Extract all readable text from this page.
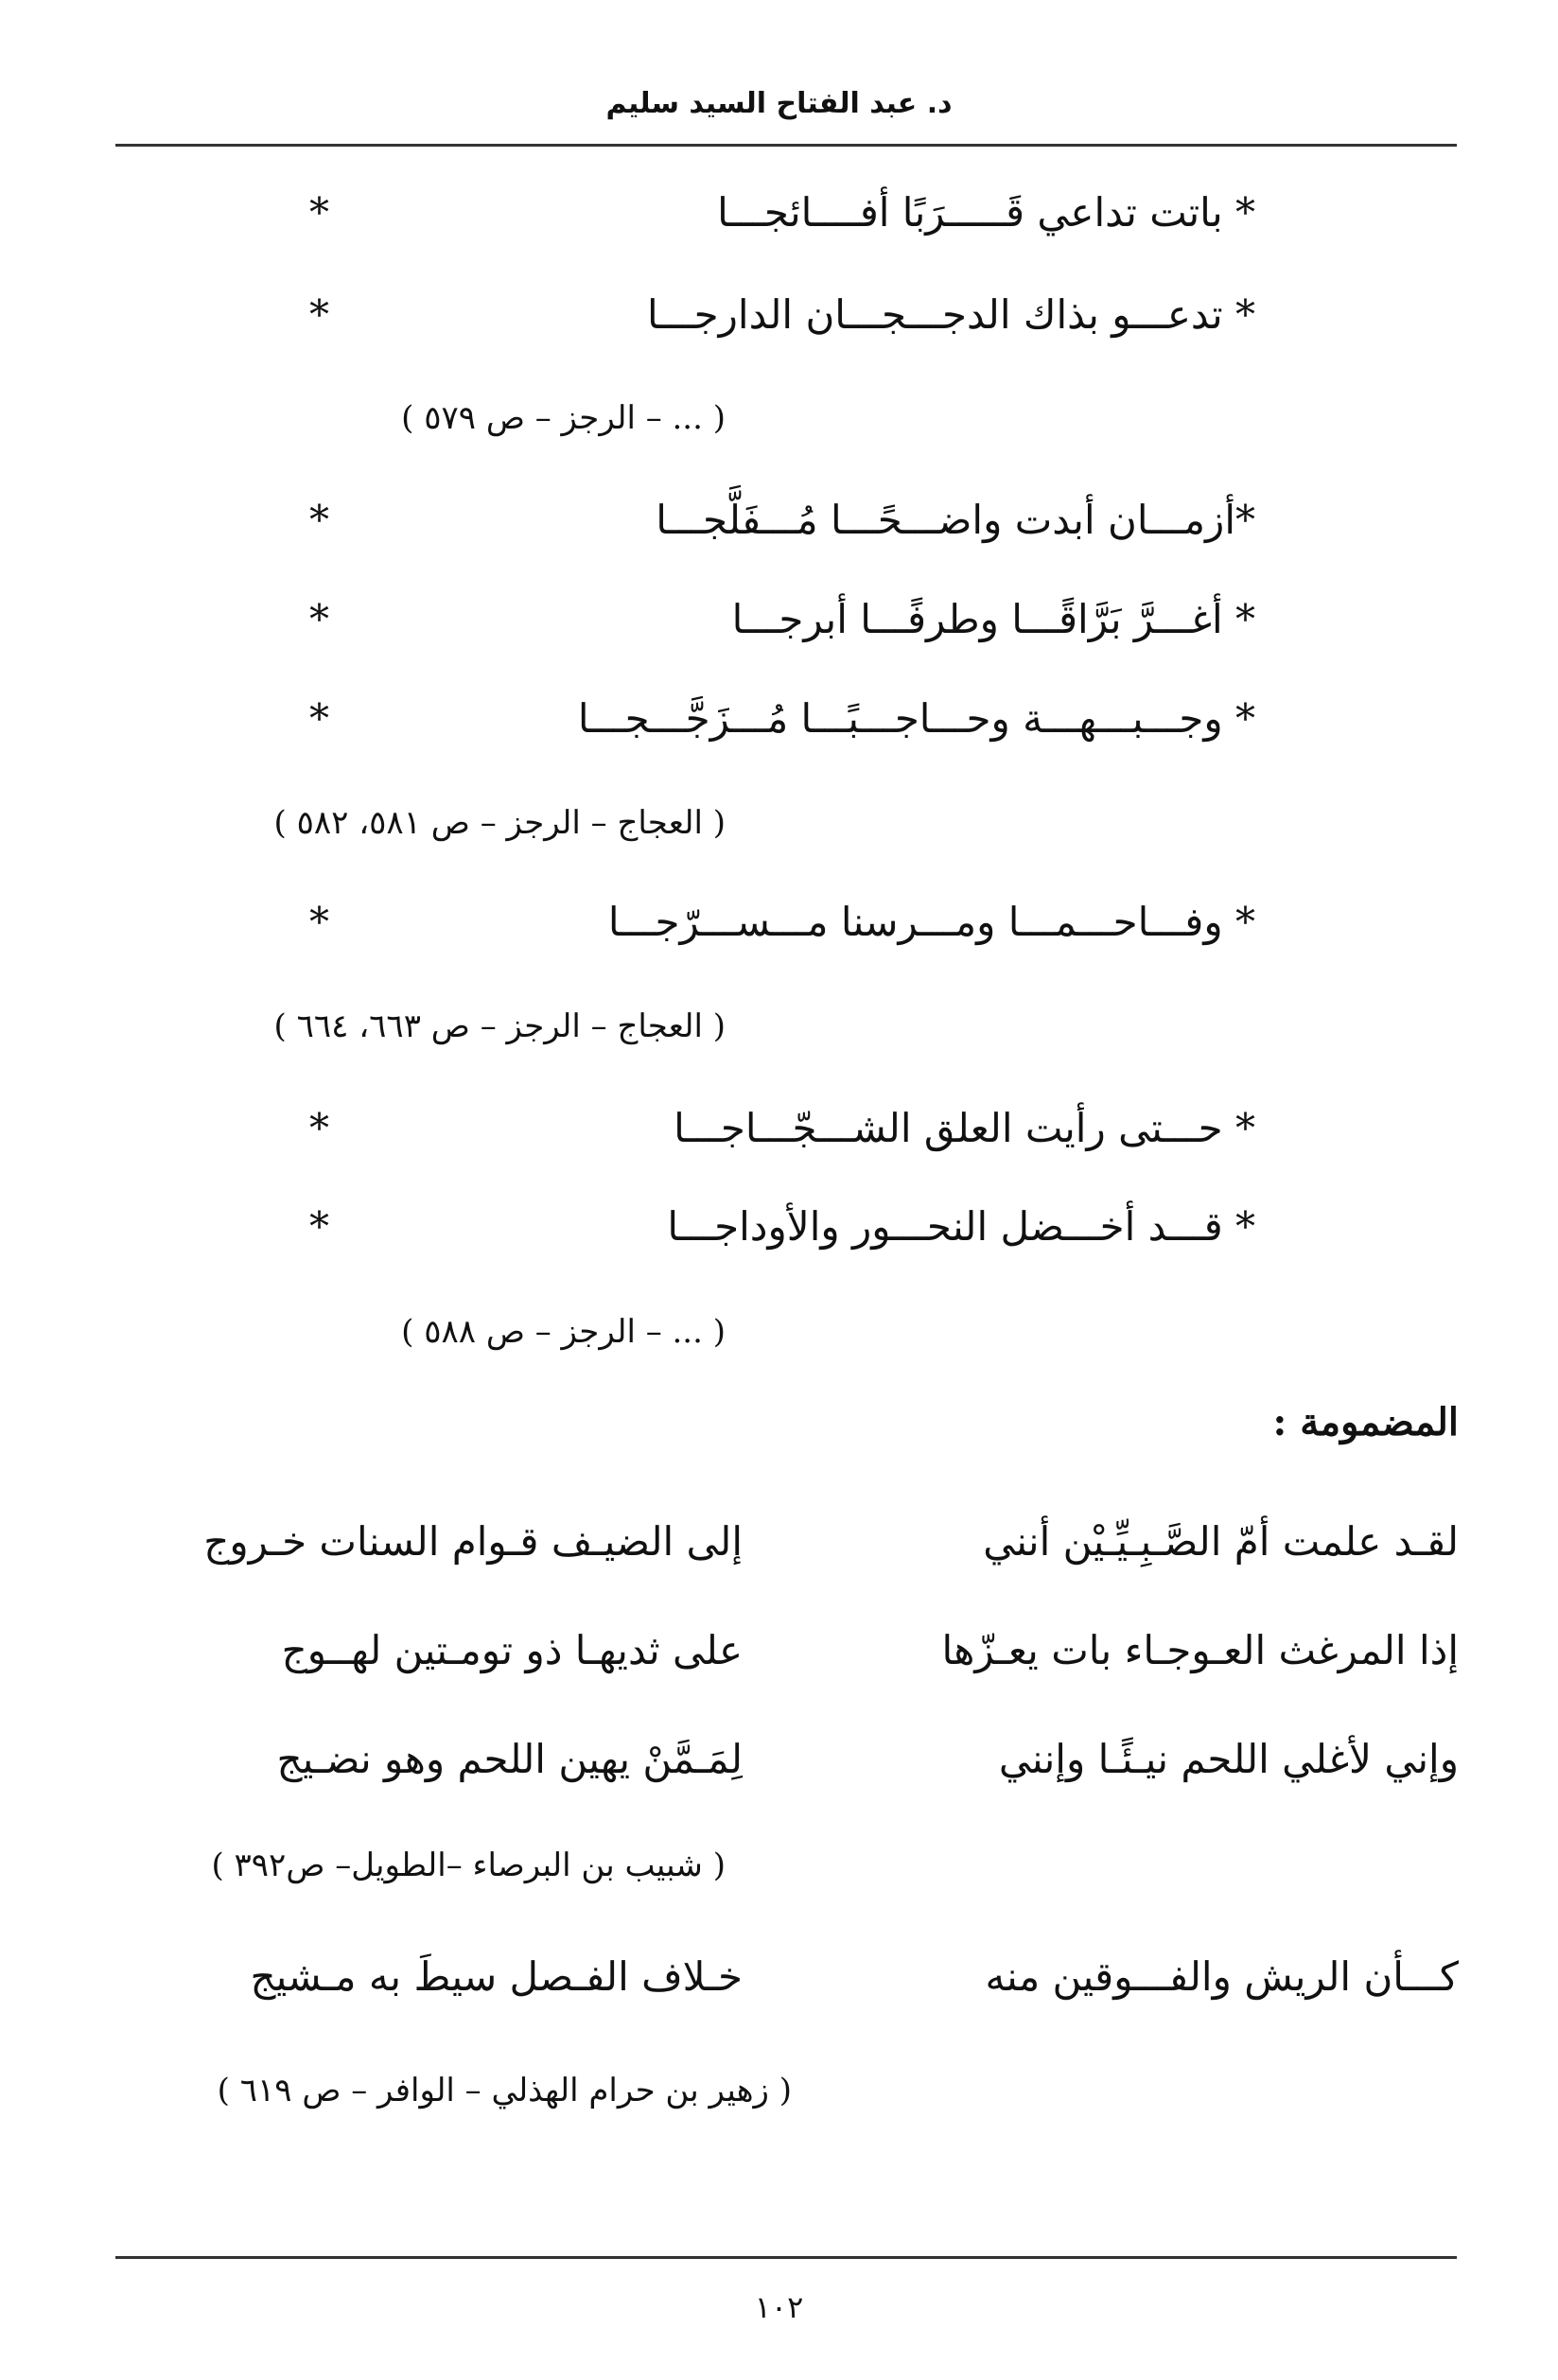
د. عبد الفتاح السيد سليم
* باتت تداعي قَـــــرَبًا أفــــائجـــا
*
* تدعـــو بذاك الدجـــجـــان الدارجـــا
*
( ... – الرجز – ص ٥٧٩ )
*أزمـــان أبدت واضـــحًـــا مُـــفَلَّجـــا
*
* أغـــرَّ بَرَّاقًـــا وطرفًـــا أبرجـــا
*
* وجـــبـــهـــة وحـــاجـــبًـــا مُـــزَجَّـــجـــا
*
( العجاج – الرجز – ص ٥٨١، ٥٨٢ )
* وفـــاحـــمـــا ومـــرسنا مـــســـرّجـــا
*
( العجاج – الرجز – ص ٦٦٣، ٦٦٤ )
* حـــتى رأيت العلق الشـــجّـــاجـــا
*
* قـــد أخـــضل النحـــور والأوداجـــا
*
( ... – الرجز – ص ٥٨٨ )
المضمومة :
لقـد علمت أمّ الصَّـبِـيِّـيْن أنني
إلى الضيـف قـوام السنات خـروج
إذا المرغث العـوجـاء بات يعـزّها
على ثديهـا ذو تومـتين لهــوج
وإني لأغلي اللحم نيـئًـا وإنني
لِمَـمَّنْ يهين اللحم وهو نضـيج
( شبيب بن البرصاء –الطويل– ص٣٩٢ )
كـــأن الريش والفـــوقين منه
خـلاف الفـصل سيطَ به مـشيج
( زهير بن حرام الهذلي – الوافر – ص ٦١٩ )
١٠٢
